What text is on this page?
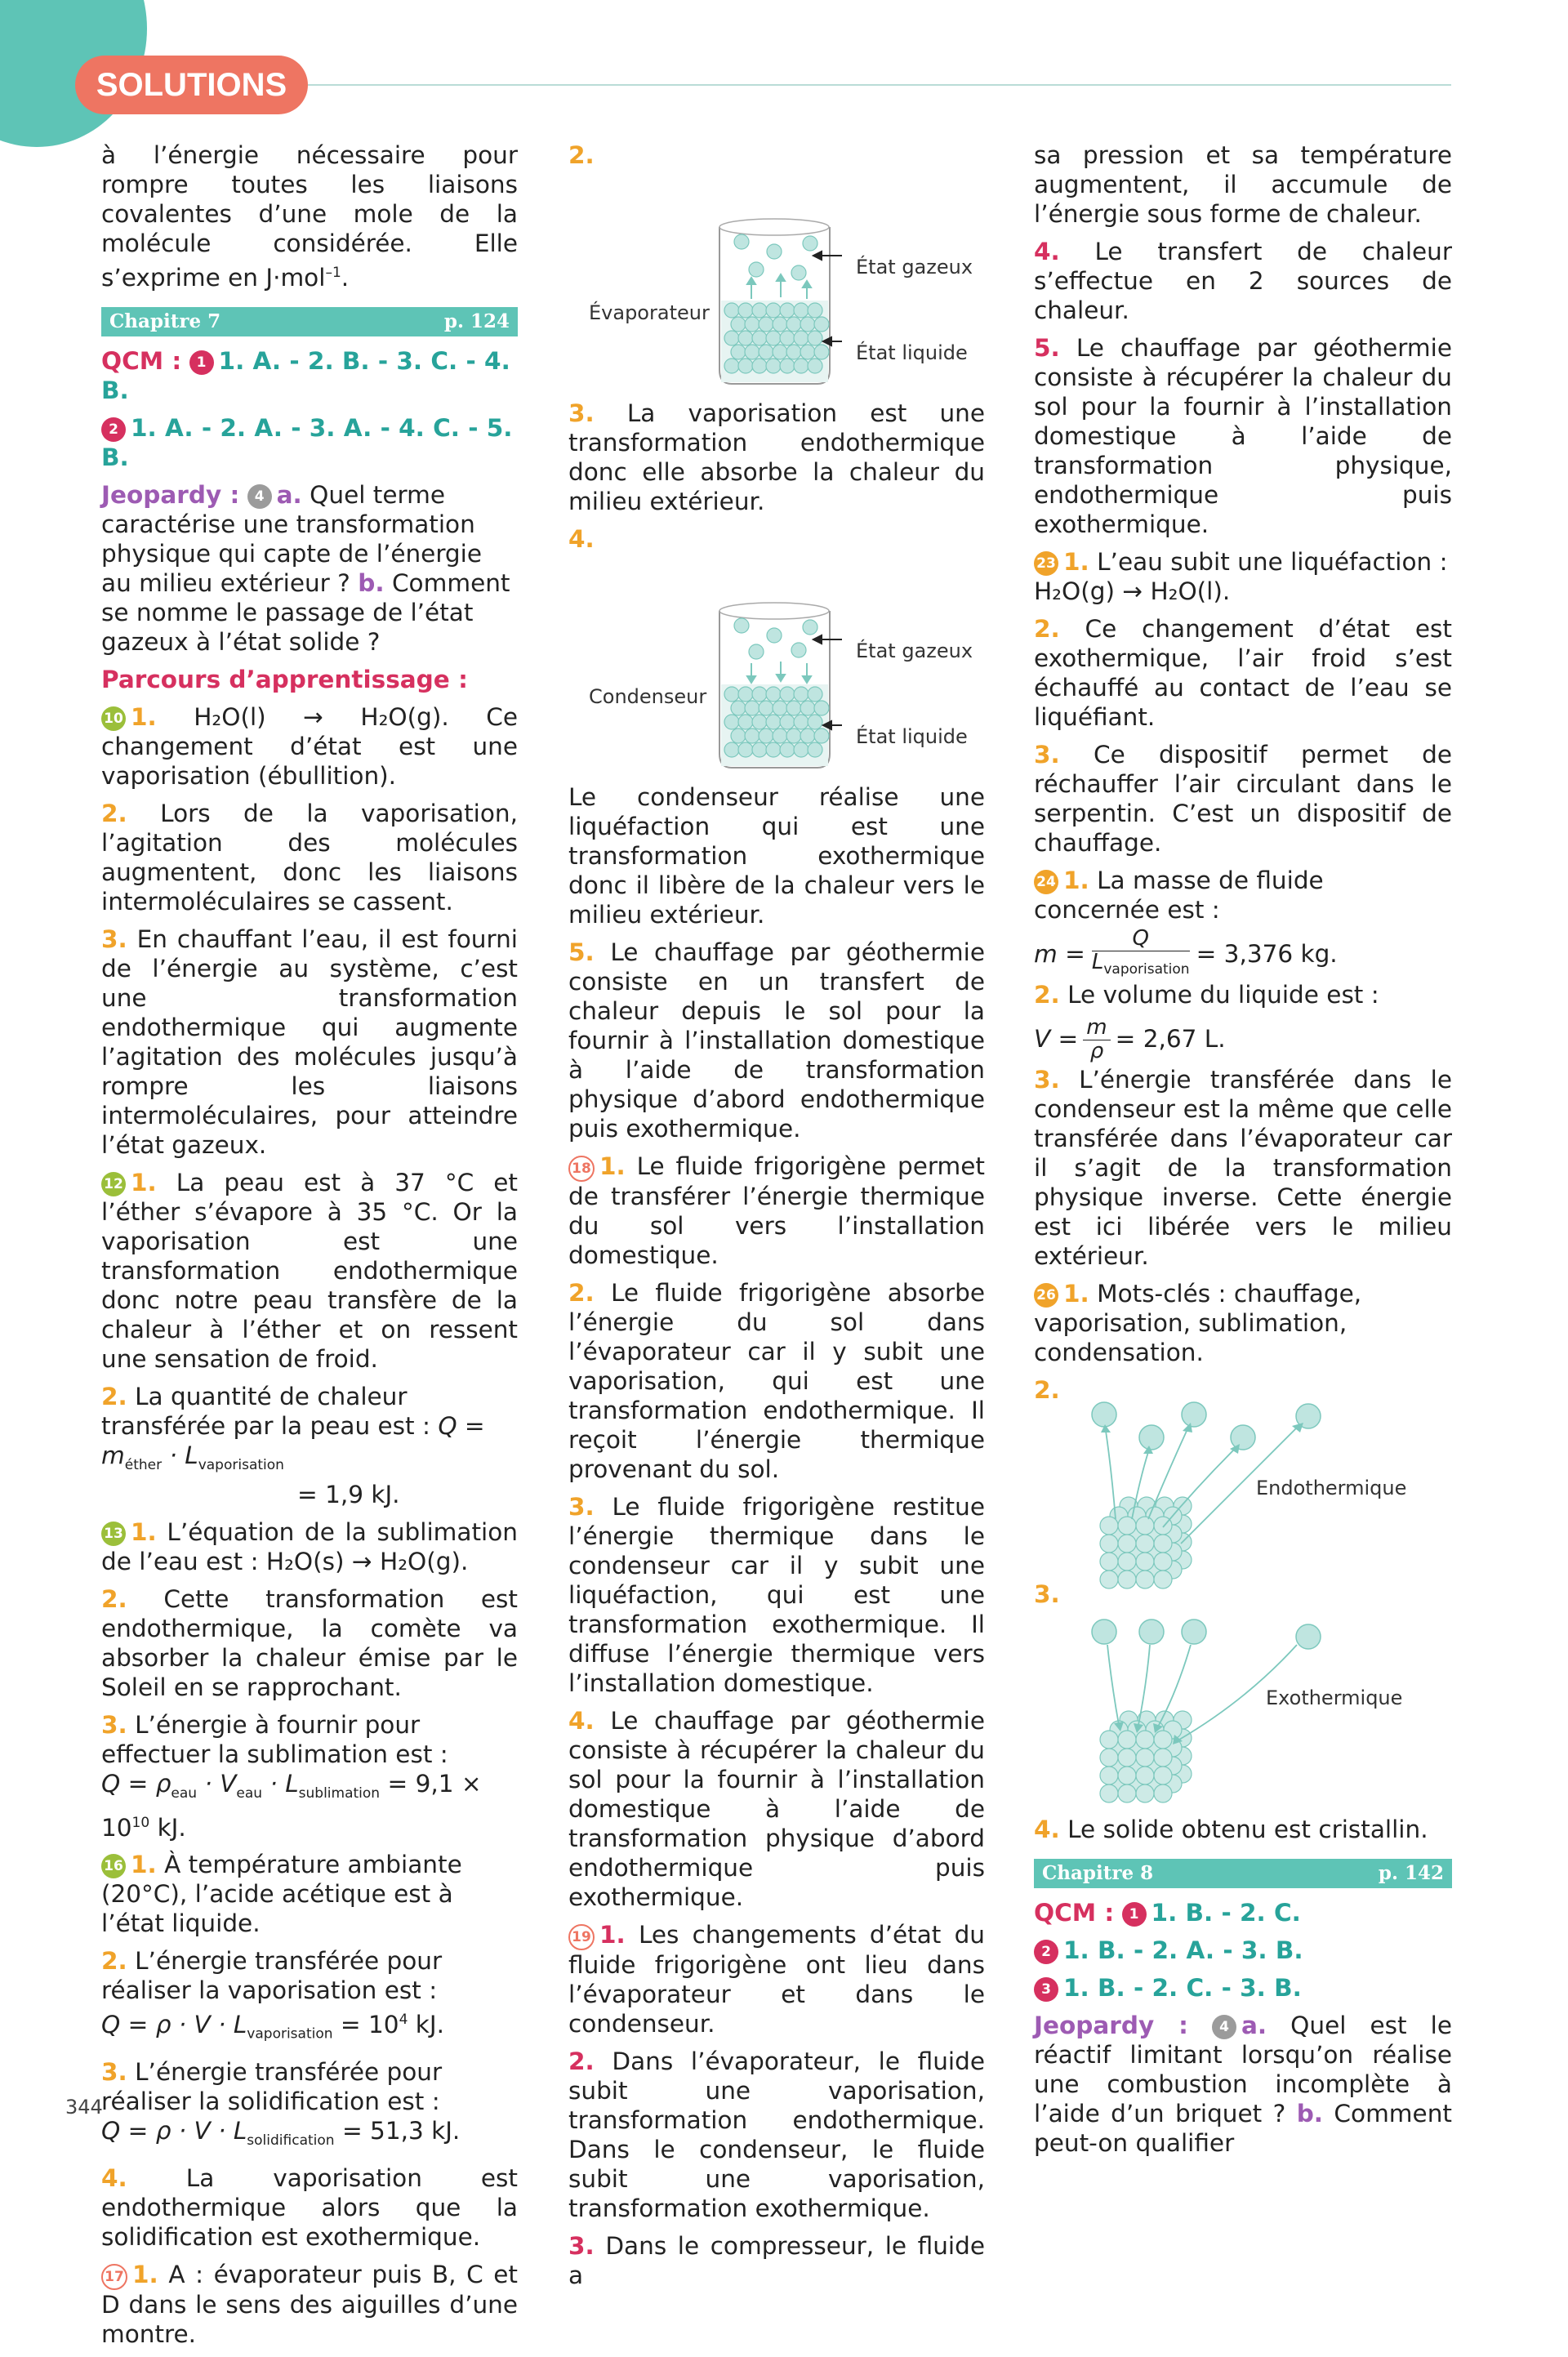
SOLUTIONS

à l’énergie nécessaire pour rompre toutes les liaisons covalentes d’une mole de la molécule considérée. Elle s’exprime en J·mol$^{-1}$.

Chapitre 7	p. 124

QCM : 1 1. A. - 2. B. - 3. C. - 4. B.

2 1. A. - 2. A. - 3. A. - 4. C. - 5. B.

Jeopardy : 4 a. Quel terme caractérise une transformation physique qui capte de l’énergie au milieu extérieur ? b. Comment se nomme le passage de l’état gazeux à l’état solide ?

Parcours d’apprentissage :

10 1. H₂O(l) → H₂O(g). Ce changement d’état est une vaporisation (ébullition).

2. Lors de la vaporisation, l’agitation des molécules augmentent, donc les liaisons intermoléculaires se cassent.

3. En chauffant l’eau, il est fourni de l’énergie au système, c’est une transformation endothermique qui augmente l’agitation des molécules jusqu’à rompre les liaisons intermoléculaires, pour atteindre l’état gazeux.

12 1. La peau est à 37 °C et l’éther s’évapore à 35 °C. Or la vaporisation est une transformation endothermique donc notre peau transfère de la chaleur à l’éther et on ressent une sensation de froid.

2. La quantité de chaleur transférée par la peau est : $Q = m_{éther} \cdot L_{vaporisation}$
= 1,9 kJ.

13 1. L’équation de la sublimation de l’eau est : H₂O(s) → H₂O(g).

2. Cette transformation est endothermique, la comète va absorber la chaleur émise par le Soleil en se rapprochant.

3. L’énergie à fournir pour effectuer la sublimation est :
$Q = \rho_{eau} \cdot V_{eau} \cdot L_{sublimation} = 9,1 \times 10^{10}$ kJ.

16 1. À température ambiante (20°C), l’acide acétique est à l’état liquide.

2. L’énergie transférée pour réaliser la vaporisation est :
$Q = \rho \cdot V \cdot L_{vaporisation} = 10^4$ kJ.

3. L’énergie transférée pour réaliser la solidification est :
$Q = \rho \cdot V \cdot L_{solidification} = 51,3$ kJ.

4. La vaporisation est endothermique alors que la solidification est exothermique.

17 1. A : évaporateur puis B, C et D dans le sens des aiguilles d’une montre.

2.

Évaporateur
État gazeux
État liquide

3. La vaporisation est une transformation endothermique donc elle absorbe la chaleur du milieu extérieur.

4.

Condenseur
État gazeux
État liquide

Le condenseur réalise une liquéfaction qui est une transformation exothermique donc il libère de la chaleur vers le milieu extérieur.

5. Le chauffage par géothermie consiste en un transfert de chaleur depuis le sol pour la fournir à l’installation domestique à l’aide de transformation physique d’abord endothermique puis exothermique.

18 1. Le fluide frigorigène permet de transférer l’énergie thermique du sol vers l’installation domestique.

2. Le fluide frigorigène absorbe l’énergie du sol dans l’évaporateur car il y subit une vaporisation, qui est une transformation endothermique. Il reçoit l’énergie thermique provenant du sol.

3. Le fluide frigorigène restitue l’énergie thermique dans le condenseur car il y subit une liquéfaction, qui est une transformation exothermique. Il diffuse l’énergie thermique vers l’installation domestique.

4. Le chauffage par géothermie consiste à récupérer la chaleur du sol pour la fournir à l’installation domestique à l’aide de transformation physique d’abord endothermique puis exothermique.

19 1. Les changements d’état du fluide frigorigène ont lieu dans l’évaporateur et dans le condenseur.

2. Dans l’évaporateur, le fluide subit une vaporisation, transformation endothermique. Dans le condenseur, le fluide subit une vaporisation, transformation exothermique.

3. Dans le compresseur, le fluide a

sa pression et sa température augmentent, il accumule de l’énergie sous forme de chaleur.

4. Le transfert de chaleur s’effectue en 2 sources de chaleur.

5. Le chauffage par géothermie consiste à récupérer la chaleur du sol pour la fournir à l’installation domestique à l’aide de transformation physique, endothermique puis exothermique.

23 1. L’eau subit une liquéfaction :
H₂O(g) → H₂O(l).

2. Ce changement d’état est exothermique, l’air froid s’est échauffé au contact de l’eau se liquéfiant.

3. Ce dispositif permet de réchauffer l’air circulant dans le serpentin. C’est un dispositif de chauffage.

24 1. La masse de fluide concernée est :

m =
Q
$L_{vaporisation}$
= 3,376 kg.

2. Le volume du liquide est :

$V = \frac{m}{\rho} = 2,67$ L.

3. L’énergie transférée dans le condenseur est la même que celle transférée dans l’évaporateur car il s’agit de la transformation physique inverse. Cette énergie est ici libérée vers le milieu extérieur.

26 1. Mots-clés : chauffage, vaporisation, sublimation, condensation.

2.

Endothermique

3.

Exothermique

4. Le solide obtenu est cristallin.

Chapitre 8	p. 142

QCM : 1 1. B. - 2. C.

2 1. B. - 2. A. - 3. B.

3 1. B. - 2. C. - 3. B.

Jeopardy : 4 a. Quel est le réactif limitant lorsqu’on réalise une combustion incomplète à l’aide d’un briquet ? b. Comment peut-on qualifier

344
